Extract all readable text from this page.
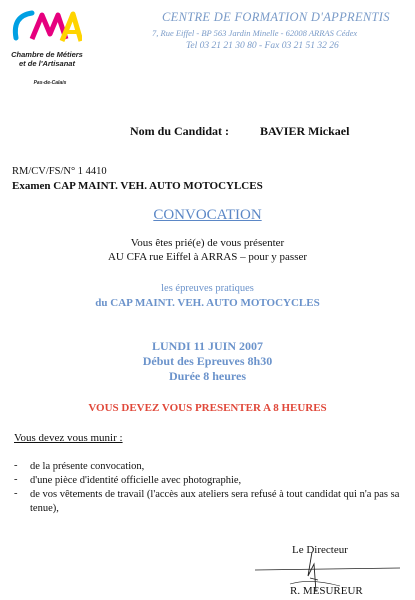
Chambre de Métiers
et de l'Artisanat
Pas-de-Calais
CENTRE DE FORMATION D'APPRENTIS
7, Rue Eiffel - BP 563 Jardin Minelle - 62008 ARRAS Cédex
Tel 03 21 21 30 80 - Fax 03 21 51 32 26
Nom du Candidat :	BAVIER Mickael
RM/CV/FS/N° 1 4410
Examen CAP MAINT. VEH. AUTO MOTOCYLCES
CONVOCATION
Vous êtes prié(e) de vous présenter
AU CFA rue Eiffel à ARRAS – pour y passer
les épreuves pratiques
du CAP MAINT. VEH. AUTO MOTOCYCLES
LUNDI 11 JUIN 2007
Début des Epreuves 8h30
Durée 8 heures
VOUS DEVEZ VOUS PRESENTER A 8 HEURES
Vous devez vous munir :
- de la présente convocation,
- d'une pièce d'identité officielle avec photographie,
- de vos vêtements de travail (l'accès aux ateliers sera refusé à tout candidat qui n'a pas sa tenue),
Le Directeur
R. MESUREUR
